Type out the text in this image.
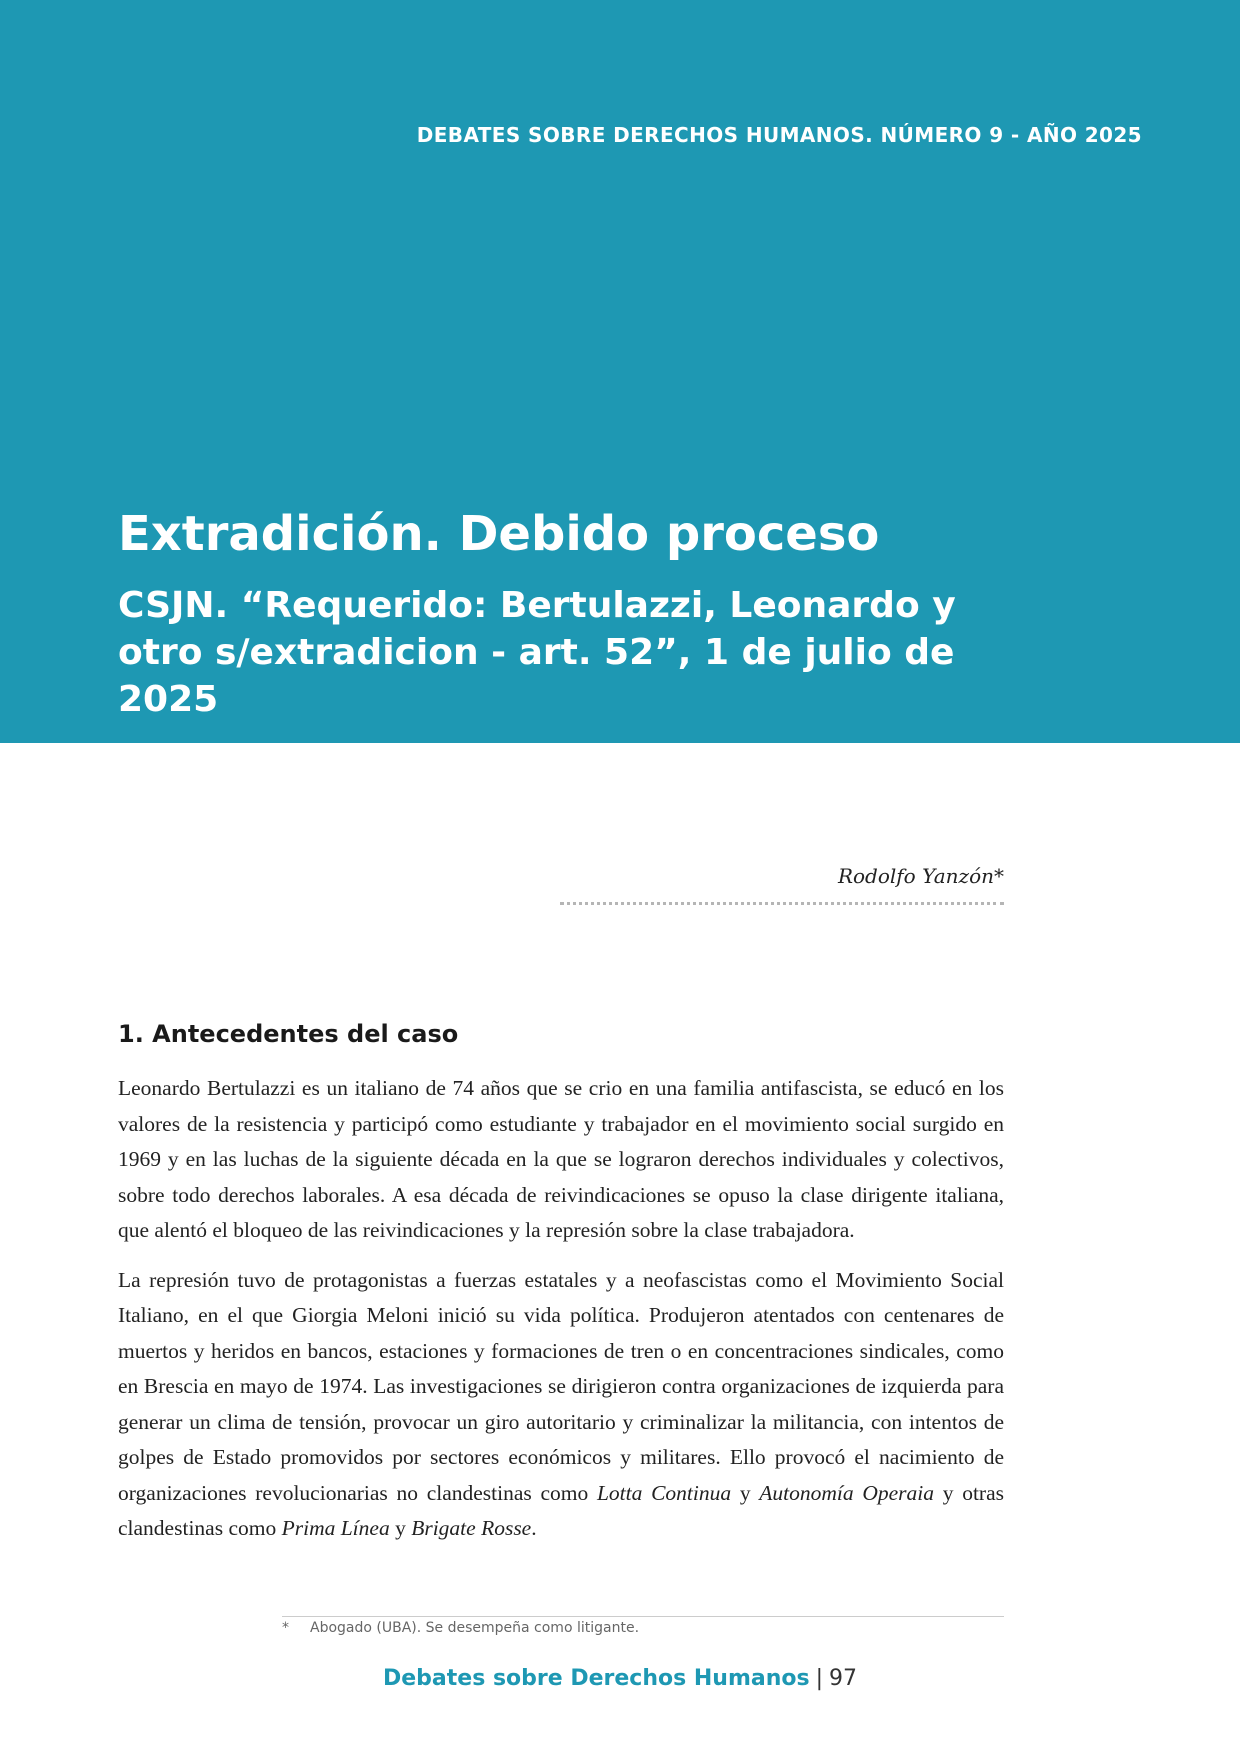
DEBATES SOBRE DERECHOS HUMANOS. NÚMERO 9 - AÑO 2025
Extradición. Debido proceso
CSJN. “Requerido: Bertulazzi, Leonardo y otro s/extradicion - art. 52”, 1 de julio de 2025
Rodolfo Yanzón*
1. Antecedentes del caso

Leonardo Bertulazzi es un italiano de 74 años que se crio en una familia antifascista, se educó en los valores de la resistencia y participó como estudiante y trabajador en el movimiento social surgido en 1969 y en las luchas de la siguiente década en la que se lograron derechos individuales y colectivos, sobre todo derechos laborales. A esa década de reivindicaciones se opuso la clase dirigente italiana, que alentó el bloqueo de las reivindicaciones y la represión sobre la clase trabajadora.

La represión tuvo de protagonistas a fuerzas estatales y a neofascistas como el Movimiento Social Italiano, en el que Giorgia Meloni inició su vida política. Produjeron atentados con centenares de muertos y heridos en bancos, estaciones y formaciones de tren o en concentraciones sindicales, como en Brescia en mayo de 1974. Las investigaciones se dirigieron contra organizaciones de izquierda para generar un clima de tensión, provocar un giro autoritario y criminalizar la militancia, con intentos de golpes de Estado promovidos por sectores económicos y militares. Ello provocó el nacimiento de organizaciones revolucionarias no clandestinas como Lotta Continua y Autonomía Operaia y otras clandestinas como Prima Línea y Brigate Rosse.

* Abogado (UBA). Se desempeña como litigante.
Debates sobre Derechos Humanos | 97
